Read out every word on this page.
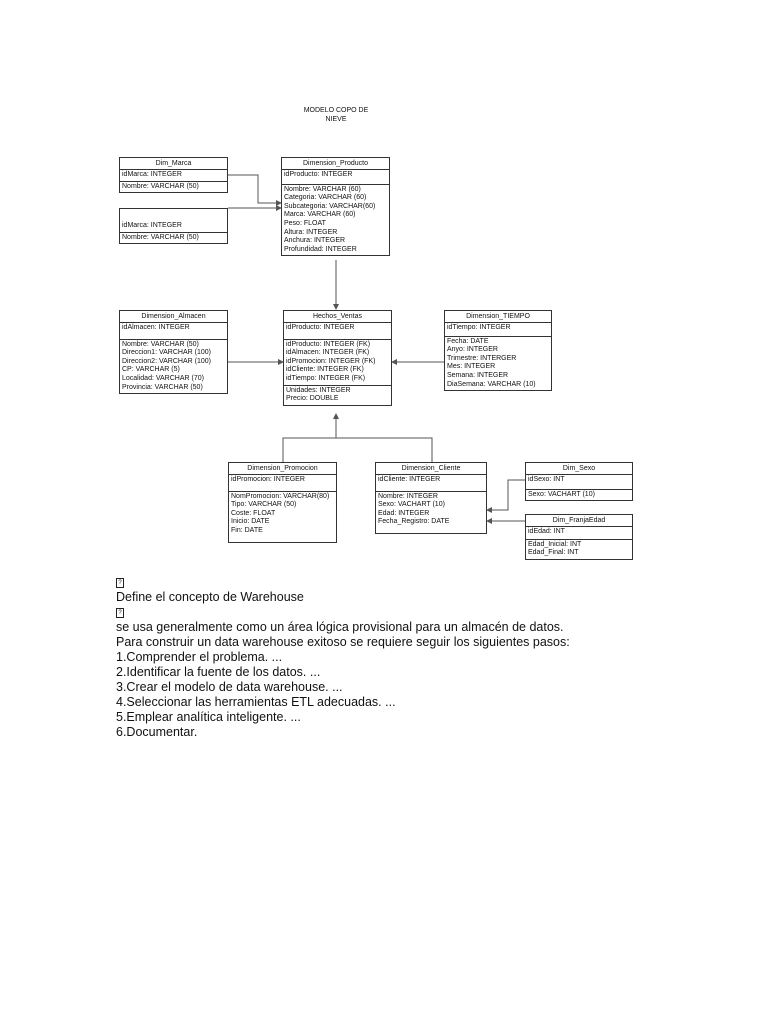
MODELO COPO DE
NIEVE
Dim_Marca
idMarca: INTEGER
Nombre: VARCHAR (50)
idMarca: INTEGER
Nombre: VARCHAR (50)
Dimension_Producto
idProducto: INTEGER
Nombre: VARCHAR (60)
Categoria: VARCHAR (60)
Subcategoria: VARCHAR(60)
Marca: VARCHAR (60)
Peso: FLOAT
Altura: INTEGER
Anchura: INTEGER
Profundidad: INTEGER
Dimension_Almacen
idAlmacen: INTEGER
Nombre: VARCHAR (50)
Direccion1: VARCHAR (100)
Direccion2: VARCHAR (100)
CP: VARCHAR (5)
Localidad: VARCHAR (70)
Provincia: VARCHAR (50)
Hechos_Ventas
idProducto: INTEGER
idProducto: INTEGER (FK)
idAlmacen: INTEGER (FK)
idPromocion: INTEGER (FK)
idCliente: INTEGER (FK)
idTiempo: INTEGER (FK)
Unidades: INTEGER
Precio: DOUBLE
Dimension_TIEMPO
idTiempo: INTEGER
Fecha: DATE
Anyo: INTEGER
Trimestre: INTERGER
Mes: INTEGER
Semana: INTEGER
DiaSemana: VARCHAR (10)
Dimension_Promocion
idPromocion: INTEGER
NomPromocion: VARCHAR(80)
Tipo: VARCHAR (50)
Coste: FLOAT
Inicio: DATE
Fin: DATE
Dimension_Cliente
idCliente: INTEGER
Nombre: INTEGER
Sexo: VACHART (10)
Edad: INTEGER
Fecha_Registro: DATE
Dim_Sexo
idSexo: INT
Sexo: VACHART (10)
Dim_FranjaEdad
idEdad: INT
Edad_Inicial: INT
Edad_Final: INT
?
Define el concepto de Warehouse
?
se usa generalmente como un área lógica provisional para un almacén de datos.
Para construir un data warehouse exitoso se requiere seguir los siguientes pasos:
1.Comprender el problema. ...
2.Identificar la fuente de los datos. ...
3.Crear el modelo de data warehouse. ...
4.Seleccionar las herramientas ETL adecuadas. ...
5.Emplear analítica inteligente. ...
6.Documentar.
